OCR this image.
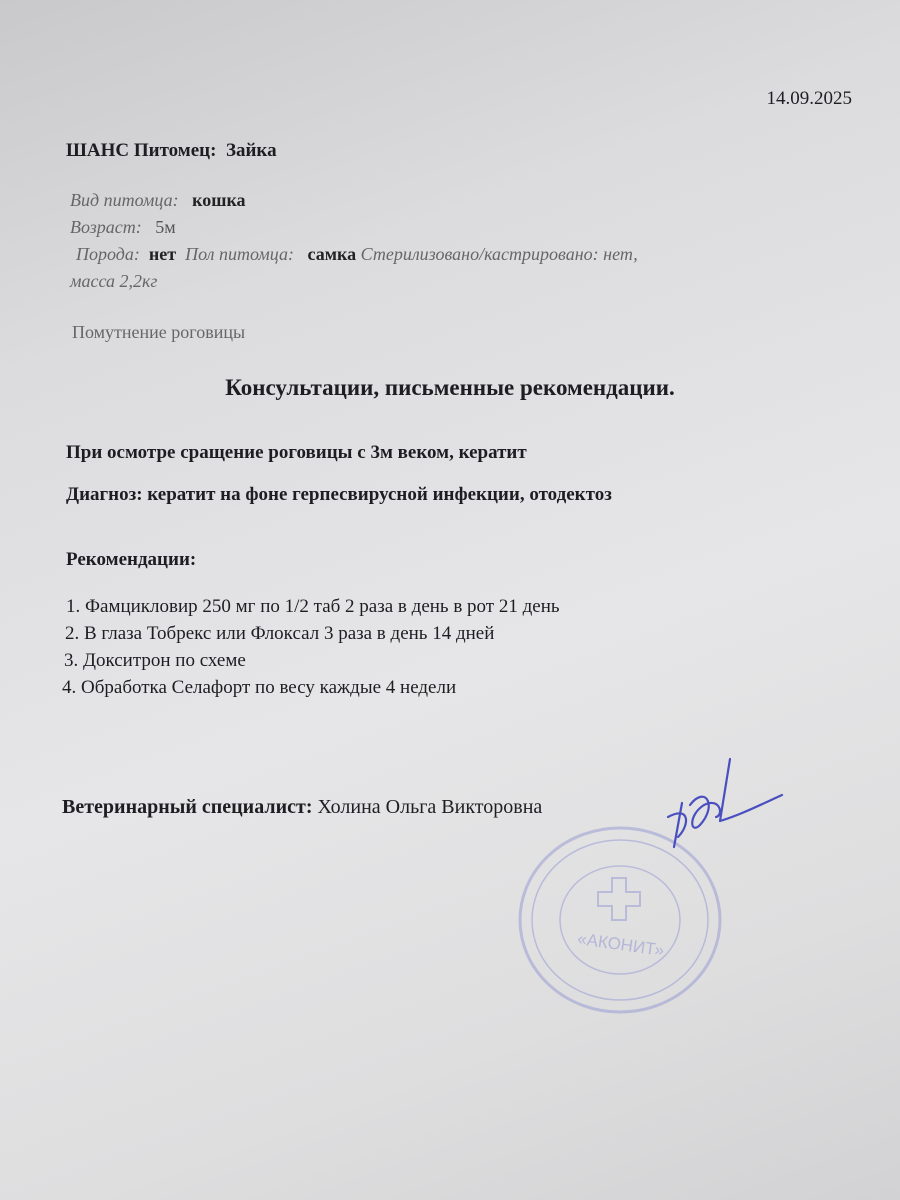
14.09.2025
ШАНС Питомец: Зайка
Вид питомца: кошка
Возраст: 5м
Порода: нет Пол питомца: самка Стерилизовано/кастрировано: нет,
масса 2,2кг
Помутнение роговицы
Консультации, письменные рекомендации.
При осмотре сращение роговицы с 3м веком, кератит
Диагноз: кератит на фоне герпесвирусной инфекции, отодектоз
Рекомендации:
1. Фамцикловир 250 мг по 1/2 таб 2 раза в день в рот 21 день
2. В глаза Тобрекс или Флоксал 3 раза в день 14 дней
3. Докситрон по схеме
4. Обработка Селафорт по весу каждые 4 недели
Ветеринарный специалист: Холина Ольга Викторовна
«АКОНИТ»
